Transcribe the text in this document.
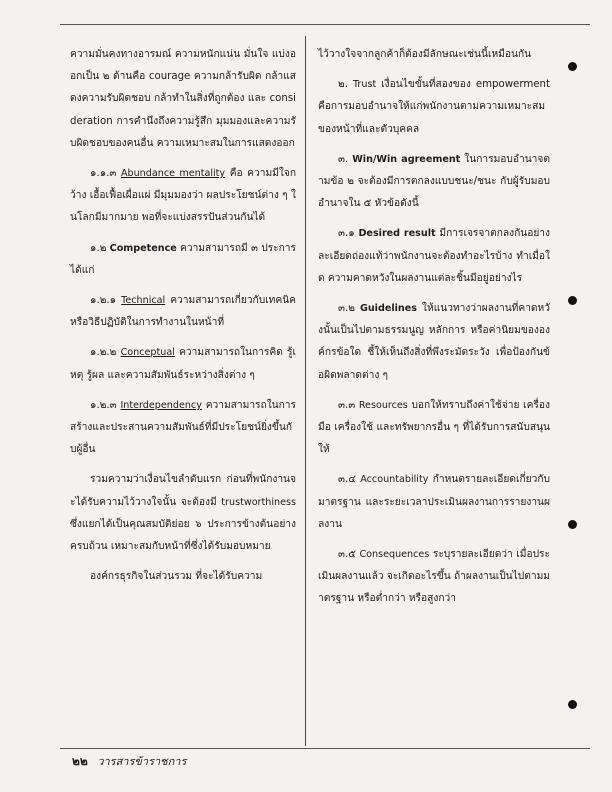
ความมั่นคงทางอารมณ์ ความหนักแน่น มั่นใจ แบ่งออกเป็น ๒ ด้านคือ courage ความกล้ารับผิด กล้าแสดงความรับผิดชอบ กล้าทำในสิ่งที่ถูกต้อง และ consideration การคำนึงถึงความรู้สึก มุมมองและความรับผิดชอบของคนอื่น ความเหมาะสมในการแสดงออก

๑.๑.๓ Abundance mentality คือ ความมีใจกว้าง เอื้อเฟื้อเผื่อแผ่ มีมุมมองว่า ผลประโยชน์ต่าง ๆ ในโลกมีมากมาย พอที่จะแบ่งสรรปันส่วนกันได้

๑.๒ Competence ความสามารถมี ๓ ประการ ได้แก่

๑.๒.๑ Technical ความสามารถเกี่ยวกับเทคนิค หรือวิธีปฏิบัติในการทำงานในหน้าที่

๑.๒.๒ Conceptual ความสามารถในการคิด รู้เหตุ รู้ผล และความสัมพันธ์ระหว่างสิ่งต่าง ๆ

๑.๒.๓ Interdependency ความสามารถในการสร้างและประสานความสัมพันธ์ที่มีประโยชน์ยิ่งขึ้นกับผู้อื่น

รวมความว่าเงื่อนไขลำดับแรก ก่อนที่พนักงานจะได้รับความไว้วางใจนั้น จะต้องมี trustworthiness ซึ่งแยกได้เป็นคุณสมบัติย่อย ๖ ประการข้างต้นอย่างครบถ้วน เหมาะสมกับหน้าที่ซึ่งได้รับมอบหมาย

องค์กรธุรกิจในส่วนรวม ที่จะได้รับความ

ไว้วางใจจากลูกค้าก็ต้องมีลักษณะเช่นนี้เหมือนกัน

๒. Trust เงื่อนไขขั้นที่สองของ empowerment คือการมอบอำนาจให้แก่พนักงานตามความเหมาะสมของหน้าที่และตัวบุคคล

๓. Win/Win agreement ในการมอบอำนาจตามข้อ ๒ จะต้องมีการตกลงแบบชนะ/ชนะ กับผู้รับมอบอำนาจใน ๕ หัวข้อดังนี้

๓.๑ Desired result มีการเจรจาตกลงกันอย่างละเอียดถ่องแท้ว่าพนักงานจะต้องทำอะไรบ้าง ทำเมื่อใด ความคาดหวังในผลงานแต่ละชิ้นมีอยู่อย่างไร

๓.๒ Guidelines ให้แนวทางว่าผลงานที่คาดหวังนั้นเป็นไปตามธรรมนูญ หลักการ หรือค่านิยมขององค์กรข้อใด ชี้ให้เห็นถึงสิ่งที่พึงระมัดระวัง เพื่อป้องกันข้อผิดพลาดต่าง ๆ

๓.๓ Resources บอกให้ทราบถึงค่าใช้จ่าย เครื่องมือ เครื่องใช้ และทรัพยากรอื่น ๆ ที่ได้รับการสนับสนุนให้

๓.๔ Accountability กำหนดรายละเอียดเกี่ยวกับมาตรฐาน และระยะเวลาประเมินผลงานการรายงานผลงาน

๓.๕ Consequences ระบุรายละเอียดว่า เมื่อประเมินผลงานแล้ว จะเกิดอะไรขึ้น ถ้าผลงานเป็นไปตามมาตรฐาน หรือต่ำกว่า หรือสูงกว่า

๒๒ วารสารข้าราชการ
